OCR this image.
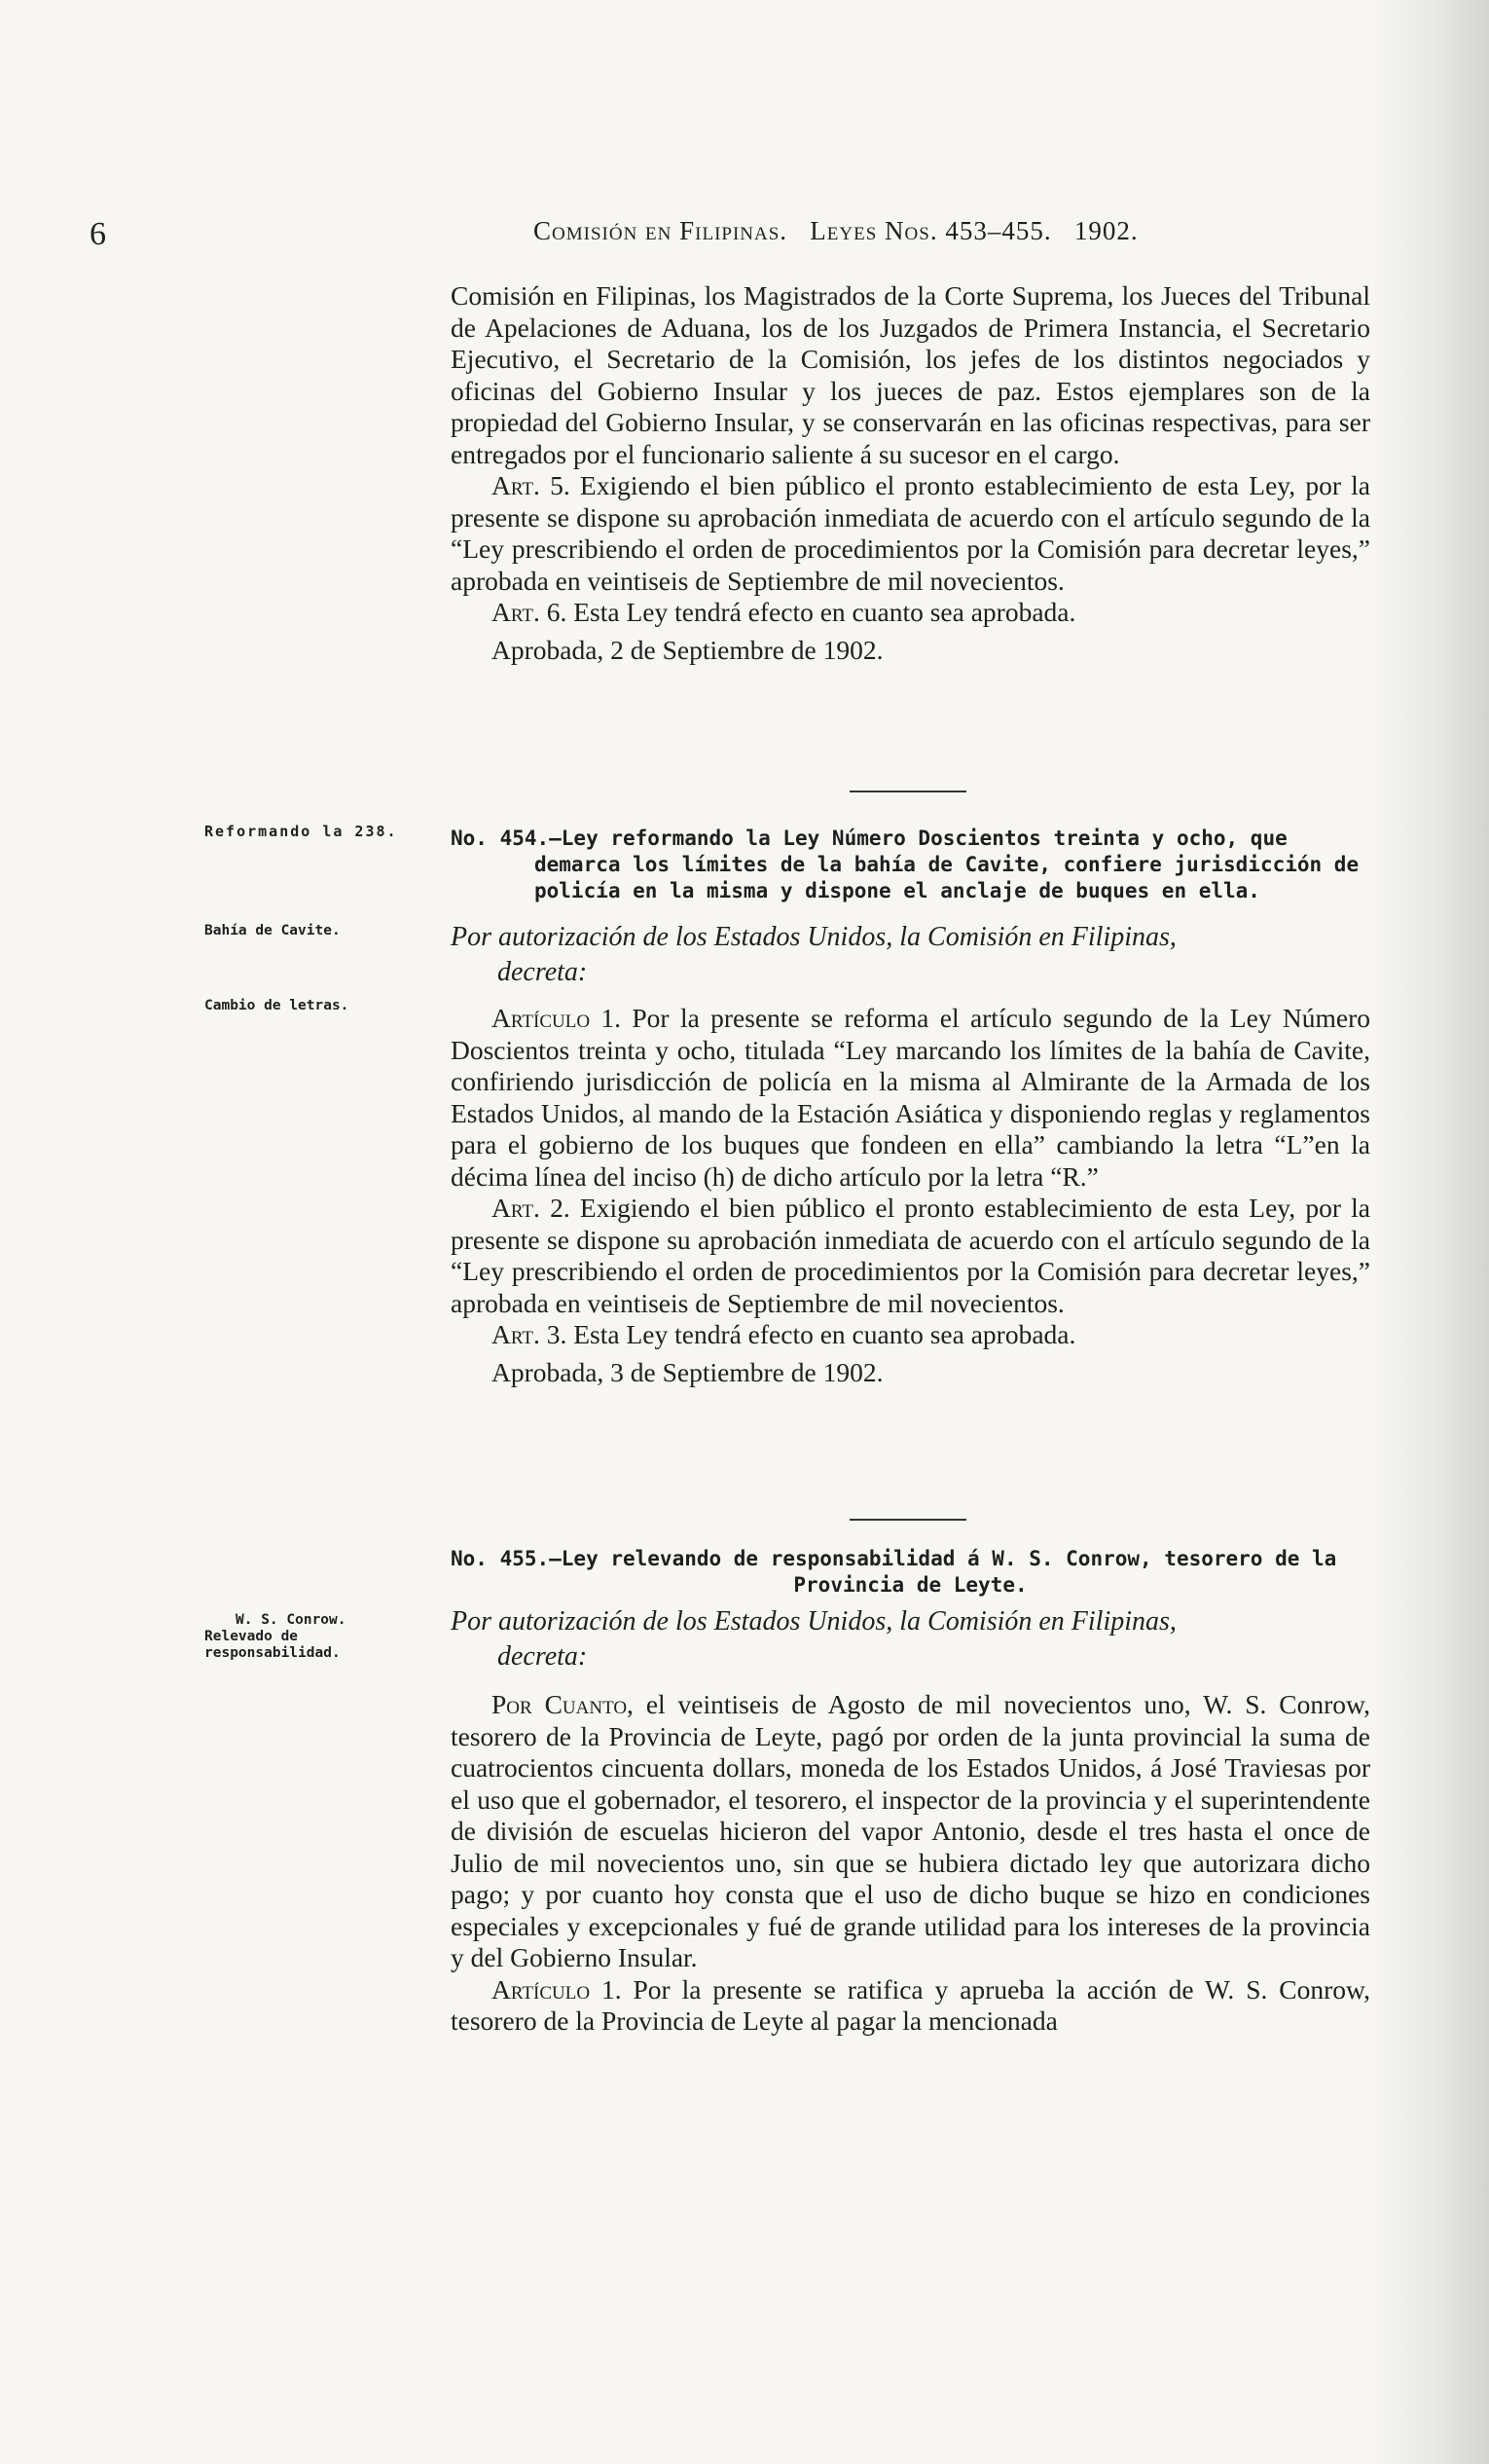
6	Comisión en Filipinas. Leyes Nos. 453–455. 1902.

Comisión en Filipinas, los Magistrados de la Corte Suprema, los Jueces del Tribunal de Apelaciones de Aduana, los de los Juzgados de Primera Instancia, el Secretario Ejecutivo, el Secretario de la Comisión, los jefes de los distintos negociados y oficinas del Gobierno Insular y los jueces de paz. Estos ejemplares son de la propiedad del Gobierno Insular, y se conservarán en las oficinas respectivas, para ser entregados por el funcionario saliente á su sucesor en el cargo.

Art. 5. Exigiendo el bien público el pronto establecimiento de esta Ley, por la presente se dispone su aprobación inmediata de acuerdo con el artículo segundo de la “Ley prescribiendo el orden de procedimientos por la Comisión para decretar leyes,” aprobada en veintiseis de Septiembre de mil novecientos.

Art. 6. Esta Ley tendrá efecto en cuanto sea aprobada.

Aprobada, 2 de Septiembre de 1902.

Reformando la 238.	No. 454.—Ley reformando la Ley Número Doscientos treinta y ocho, que demarca los límites de la bahía de Cavite, confiere jurisdicción de policía en la misma y dispone el anclaje de buques en ella.
Bahía de Cavite.	Por autorización de los Estados Unidos, la Comisión en Filipinas,
decreta:
Cambio de letras.	Artículo 1. Por la presente se reforma el artículo segundo de la Ley Número Doscientos treinta y ocho, titulada “Ley marcando los límites de la bahía de Cavite, confiriendo jurisdicción de policía en la misma al Almirante de la Armada de los Estados Unidos, al mando de la Estación Asiática y disponiendo reglas y reglamentos para el gobierno de los buques que fondeen en ella” cambiando la letra “L”en la décima línea del inciso (h) de dicho artículo por la letra “R.”

Art. 2. Exigiendo el bien público el pronto establecimiento de esta Ley, por la presente se dispone su aprobación inmediata de acuerdo con el artículo segundo de la “Ley prescribiendo el orden de procedimientos por la Comisión para decretar leyes,” aprobada en veintiseis de Septiembre de mil novecientos.

Art. 3. Esta Ley tendrá efecto en cuanto sea aprobada.

Aprobada, 3 de Septiembre de 1902.

No. 455.—Ley relevando de responsabilidad á W. S. Conrow, tesorero de la
Provincia de Leyte.
W. S. Conrow.
Relevado de responsabilidad.
Por autorización de los Estados Unidos, la Comisión en Filipinas,
decreta:

Por Cuanto, el veintiseis de Agosto de mil novecientos uno, W. S. Conrow, tesorero de la Provincia de Leyte, pagó por orden de la junta provincial la suma de cuatrocientos cincuenta dollars, moneda de los Estados Unidos, á José Traviesas por el uso que el gobernador, el tesorero, el inspector de la provincia y el superintendente de división de escuelas hicieron del vapor Antonio, desde el tres hasta el once de Julio de mil novecientos uno, sin que se hubiera dictado ley que autorizara dicho pago; y por cuanto hoy consta que el uso de dicho buque se hizo en condiciones especiales y excepcionales y fué de grande utilidad para los intereses de la provincia y del Gobierno Insular.

Artículo 1. Por la presente se ratifica y aprueba la acción de W. S. Conrow, tesorero de la Provincia de Leyte al pagar la mencionada
